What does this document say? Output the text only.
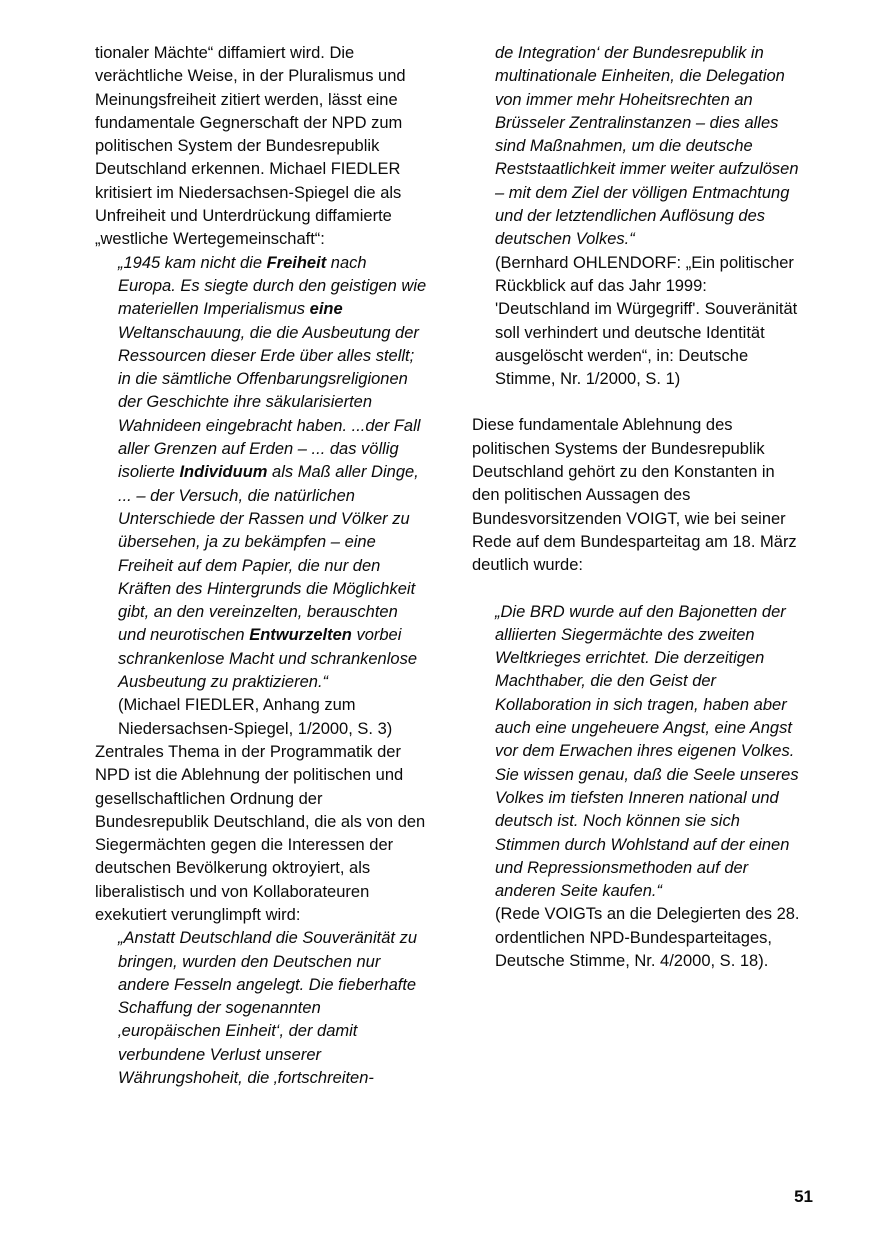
tionaler Mächte“ diffamiert wird. Die verächtliche Weise, in der Pluralismus und Meinungsfreiheit zitiert werden, lässt eine fundamentale Gegnerschaft der NPD zum politischen System der Bundesrepublik Deutschland erkennen. Michael FIEDLER kritisiert im Niedersachsen-Spiegel die als Unfreiheit und Unterdrückung diffamierte „westliche Wertegemeinschaft“:

„1945 kam nicht die Freiheit nach Europa. Es siegte durch den geistigen wie materiellen Imperialismus eine Weltanschauung, die die Ausbeutung der Ressourcen dieser Erde über alles stellt; in die sämtliche Offenbarungsreligionen der Geschichte ihre säkularisierten Wahnideen eingebracht haben. ...der Fall aller Grenzen auf Erden – ... das völlig isolierte Individuum als Maß aller Dinge, ... – der Versuch, die natürlichen Unterschiede der Rassen und Völker zu übersehen, ja zu bekämpfen – eine Freiheit auf dem Papier, die nur den Kräften des Hintergrunds die Möglichkeit gibt, an den vereinzelten, berauschten und neurotischen Entwurzelten vorbei schrankenlose Macht und schrankenlose Ausbeutung zu praktizieren.“

(Michael FIEDLER, Anhang zum Niedersachsen-Spiegel, 1/2000, S. 3)

Zentrales Thema in der Programmatik der NPD ist die Ablehnung der politischen und gesellschaftlichen Ordnung der Bundesrepublik Deutschland, die als von den Siegermächten gegen die Interessen der deutschen Bevölkerung oktroyiert, als liberalistisch und von Kollaborateuren exekutiert verunglimpft wird:

„Anstatt Deutschland die Souveränität zu bringen, wurden den Deutschen nur andere Fesseln angelegt. Die fieberhafte Schaffung der sogenannten ‚europäischen Einheit‘, der damit verbundene Verlust unserer Währungshoheit, die ‚fortschreiten-
de Integration‘ der Bundesrepublik in multinationale Einheiten, die Delegation von immer mehr Hoheitsrechten an Brüsseler Zentralinstanzen – dies alles sind Maßnahmen, um die deutsche Reststaatlichkeit immer weiter aufzulösen – mit dem Ziel der völligen Entmachtung und der letztendlichen Auflösung des deutschen Volkes.“

(Bernhard OHLENDORF: „Ein politischer Rückblick auf das Jahr 1999: 'Deutschland im Würgegriff'. Souveränität soll verhindert und deutsche Identität ausgelöscht werden“, in: Deutsche Stimme, Nr. 1/2000, S. 1)

Diese fundamentale Ablehnung des politischen Systems der Bundesrepublik Deutschland gehört zu den Konstanten in den politischen Aussagen des Bundesvorsitzenden VOIGT, wie bei seiner Rede auf dem Bundesparteitag am 18. März deutlich wurde:

„Die BRD wurde auf den Bajonetten der alliierten Siegermächte des zweiten Weltkrieges errichtet. Die derzeitigen Machthaber, die den Geist der Kollaboration in sich tragen, haben aber auch eine ungeheuere Angst, eine Angst vor dem Erwachen ihres eigenen Volkes. Sie wissen genau, daß die Seele unseres Volkes im tiefsten Inneren national und deutsch ist. Noch können sie sich Stimmen durch Wohlstand auf der einen und Repressionsmethoden auf der anderen Seite kaufen.“

(Rede VOIGTs an die Delegierten des 28. ordentlichen NPD-Bundesparteitages, Deutsche Stimme, Nr. 4/2000, S. 18).

51
